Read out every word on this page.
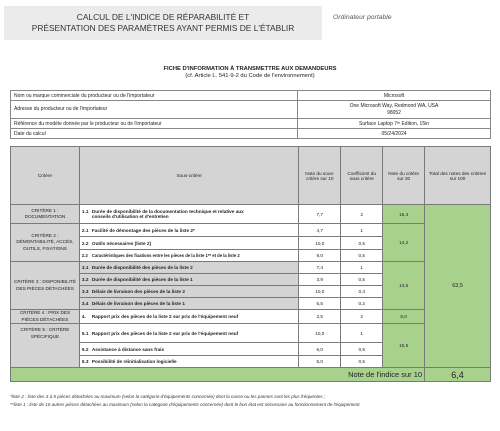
CALCUL DE L'INDICE DE RÉPARABILITÉ ET
PRÉSENTATION DES PARAMÈTRES AYANT PERMIS DE L'ÉTABLIR
Ordinateur portable
FICHE D'INFORMATION À TRANSMETTRE AUX DEMANDEURS
(cf. Article L. 541-9-2 du Code de l'environnement)
Nom ou marque commerciale du producteur ou de l'importateur	Microsoft
Adresse du producteur ou de l'importateur	One Microsoft Way, Redmond WA, USA
98052

Référence du modèle donnée par le producteur ou de l'importateur	Surface Laptop 7ᵗʰ Edition, 15in
Date du calcul	05/24/2024
Critère	Sous-critère	Note du sous-critère sur 10	Coefficient du sous critère	Note du critère sur 20	Total des notes des critères sur 100
CRITÈRE 1 : DOCUMENTATION	1.1 Durée de disponibilité de la documentation technique et relative aux
conseils d'utilisation et d'entretien	7,7	2	15,4	63,5
CRITÈRE 2 : DÉMONTABILITÉ, ACCÈS, OUTILS, FIXATIONS	2.1 Facilité de démontage des pièces de la liste 2*	4,7	1	14,2	
	2.2 Outils nécessaires (liste 2)	10,0	0,5		
	2.3 Caractéristiques des fixations entre les pièces de la liste 1** et de la liste 2	9,0	0,5		
CRITÈRE 3 : DISPONIBILITÉ DES PIÈCES DÉTACHÉES	3.1 Durée de disponibilité des pièces de la liste 2	7,4	1	13,5	
	3.2 Durée de disponibilité des pièces de la liste 1	3,9	0,5		
	3.3 Délais de livraison des pièces de la liste 2	10,0	0,3		
	3.4 Délais de livraison des pièces de la liste 1	5,5	0,2		
CRITÈRE 4 : PRIX DES PIÈCES DÉTACHÉES	4. Rapport prix des pièces de la liste 2 sur prix de l'équipement neuf	2,5	2	5,0	
CRITÈRE 5 : CRITÈRE SPÉCIFIQUE	5.1 Rapport prix des pièces de la liste 2 sur prix de l'équipement neuf	10,0	1	15,5	
	5.2 Assistance à distance sans frais	6,0	0,5		
	5.3 Possibilité de réinitialisation logicielle	5,0	0,5		
Note de l'indice sur 10					6,4
*liste 2 : liste des 3 à 5 pièces détachées au maximum (selon la catégorie d'équipements concernée) dont la casse ou les pannes sont les plus fréquentes ;
**liste 1 : liste de 10 autres pièces détachées au maximum (selon la catégorie d'équipements concernée) dont le bon état est nécessaire au fonctionnement de l'équipement
